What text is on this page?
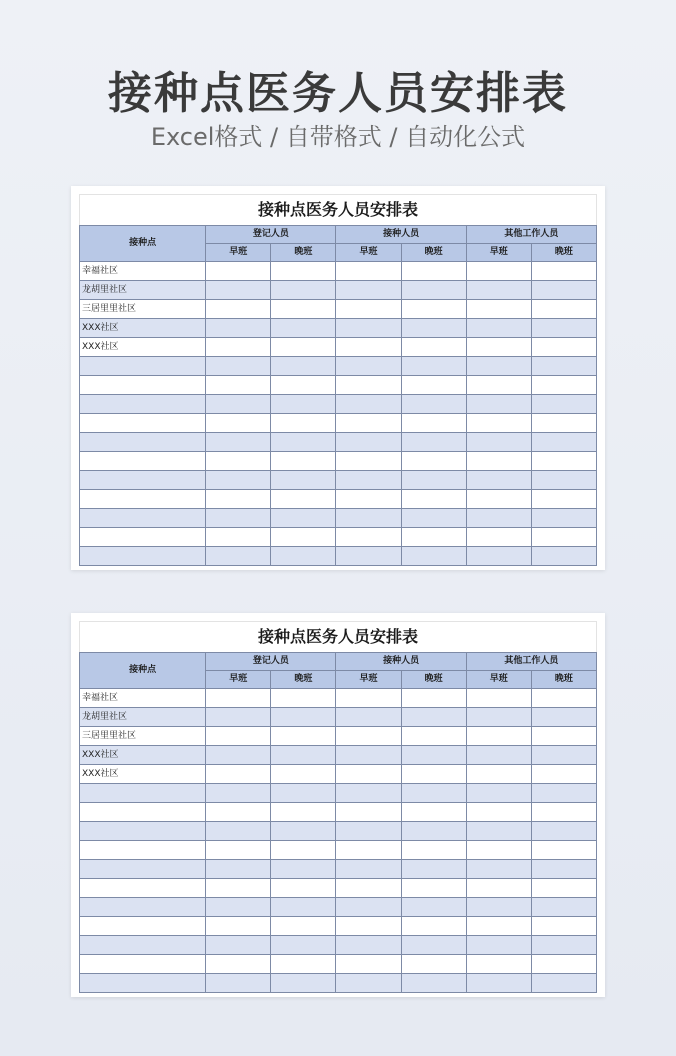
接种点医务人员安排表
Excel格式 / 自带格式 / 自动化公式
接种点医务人员安排表
接种点	登记人员		接种人员		其他工作人员	
	早班	晚班	早班	晚班	早班	晚班
幸福社区						
龙胡里社区						
三居里里社区						
XXX社区						
XXX社区						

接种点医务人员安排表
接种点	登记人员		接种人员		其他工作人员	
	早班	晚班	早班	晚班	早班	晚班
幸福社区						
龙胡里社区						
三居里里社区						
XXX社区						
XXX社区						
